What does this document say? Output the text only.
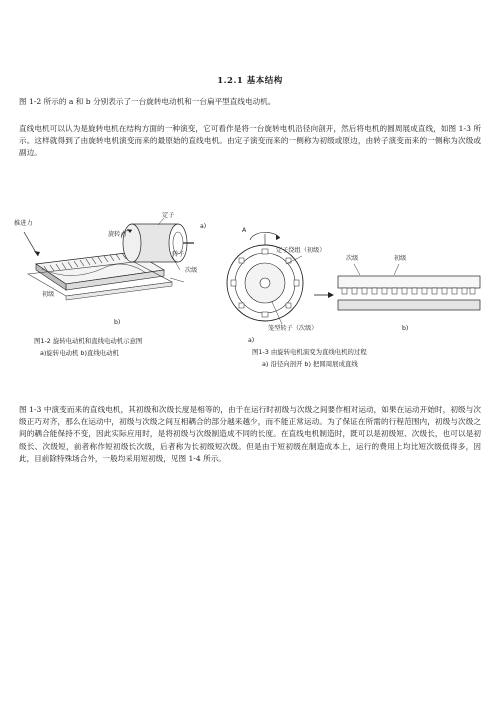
1.2.1 基本结构
图 1-2 所示的 a 和 b 分别表示了一台旋转电动机和一台扁平型直线电动机。
直线电机可以认为是旋转电机在结构方面的一种演变，它可看作是将一台旋转电机沿径向剖开，然后将电机的圆周展成直线，如图 1-3 所示。这样就得到了由旋转电机演变而来的最原始的直线电机。由定子演变而来的一侧称为初级或原边，由转子演变而来的一侧称为次级或副边。
定子
a)
旋转力
推进力
转子
次级
初级
b)
图1-2 旋转电动机和直线电动机示意图
a)旋转电动机 b)直线电动机
A
定子绕组（初级）
笼型转子（次级）
次级	初级
a)
b)
图1-3 由旋转电机演变为直线电机的过程
a) 沿径向剖开 b) 把圆周展成直线
图 1-3 中演变而来的直线电机，其初级和次级长度是相等的，由于在运行时初级与次级之间要作相对运动，如果在运动开始时，初级与次级正巧对齐，那么在运动中，初级与次级之间互相耦合的部分越来越少，而不能正常运动。为了保证在所需的行程范围内，初级与次级之间的耦合能保持不变，因此实际应用时，是将初级与次级制造成不同的长度。在直线电机制造时，既可以是初级短、次级长，也可以是初级长、次级短，前者称作短初级长次级，后者称为长初级短次级。但是由于短初级在制造成本上，运行的费用上均比短次级低得多，因此，目前除特殊场合外，一般均采用短初级，见图 1-4 所示。
